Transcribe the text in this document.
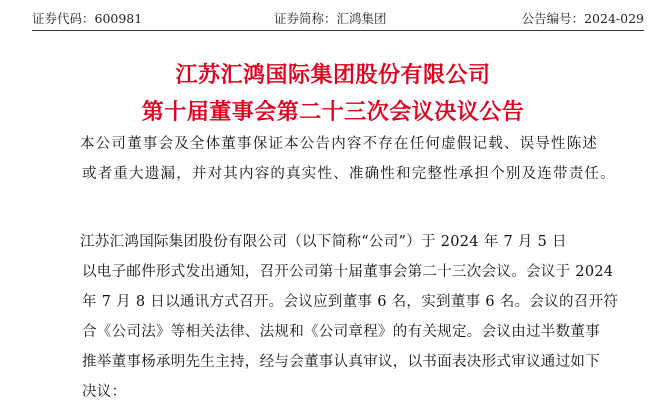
证券代码：600981	证券简称：汇鸿集团	公告编号：2024-029
江苏汇鸿国际集团股份有限公司
第十届董事会第二十三次会议决议公告
本公司董事会及全体董事保证本公告内容不存在任何虚假记载、误导性陈述
或者重大遗漏，并对其内容的真实性、准确性和完整性承担个别及连带责任。
江苏汇鸿国际集团股份有限公司（以下简称“公司”）于 2024 年 7 月 5 日
以电子邮件形式发出通知，召开公司第十届董事会第二十三次会议。会议于 2024
年 7 月 8 日以通讯方式召开。会议应到董事 6 名，实到董事 6 名。会议的召开符
合《公司法》等相关法律、法规和《公司章程》的有关规定。会议由过半数董事
推举董事杨承明先生主持，经与会董事认真审议，以书面表决形式审议通过如下
决议：
